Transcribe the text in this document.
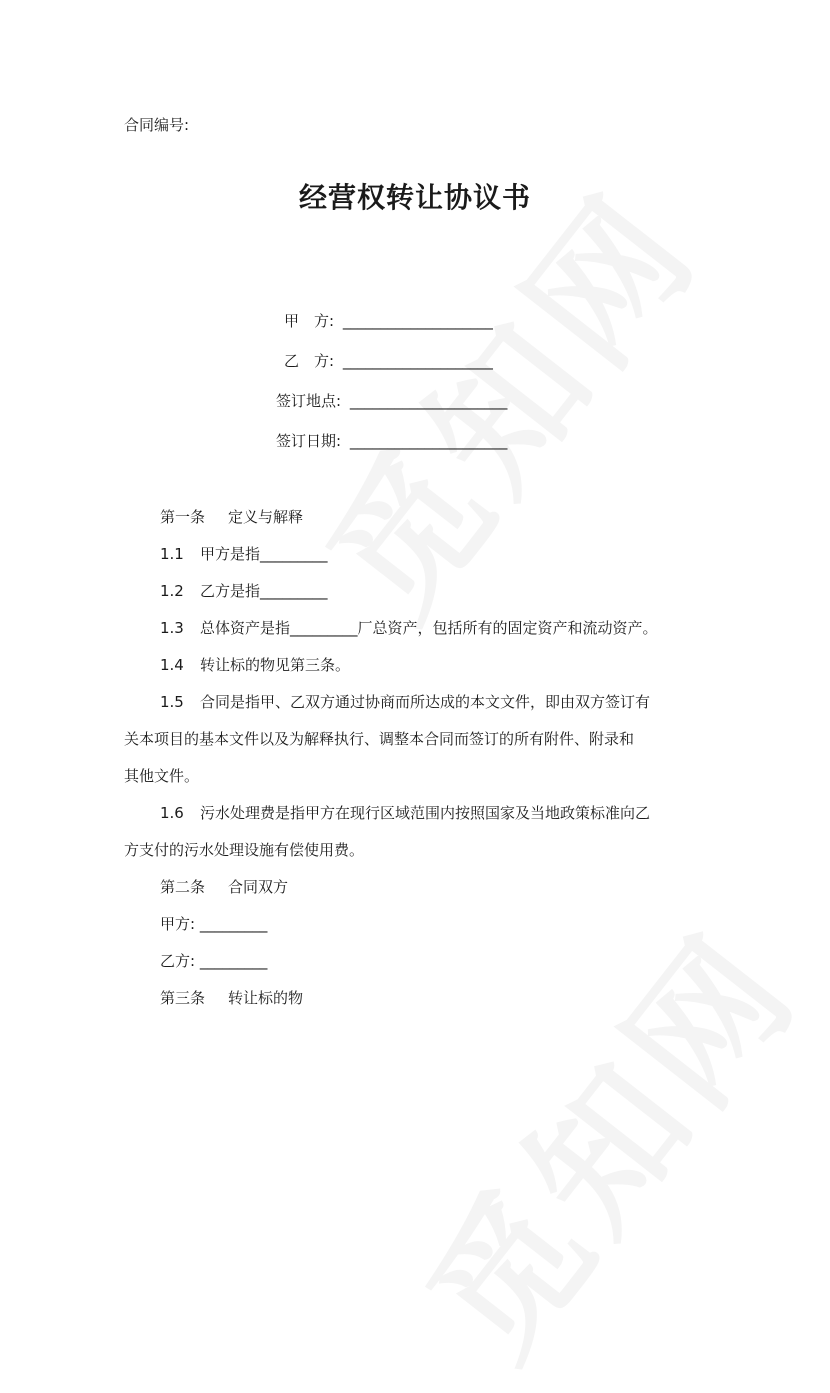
合同编号:
经营权转让协议书
甲　方: ____________________
乙　方: ____________________
签订地点: _____________________
签订日期: _____________________

第一条 定义与解释

1.1 甲方是指_________

1.2 乙方是指_________

1.3 总体资产是指_________厂总资产，包括所有的固定资产和流动资产。

1.4 转让标的物见第三条。

1.5 合同是指甲、乙双方通过协商而所达成的本文文件，即由双方签订有

关本项目的基本文件以及为解释执行、调整本合同而签订的所有附件、附录和

其他文件。

1.6 污水处理费是指甲方在现行区域范围内按照国家及当地政策标准向乙

方支付的污水处理设施有偿使用费。

第二条 合同双方

甲方: _________

乙方: _________

第三条 转让标的物
